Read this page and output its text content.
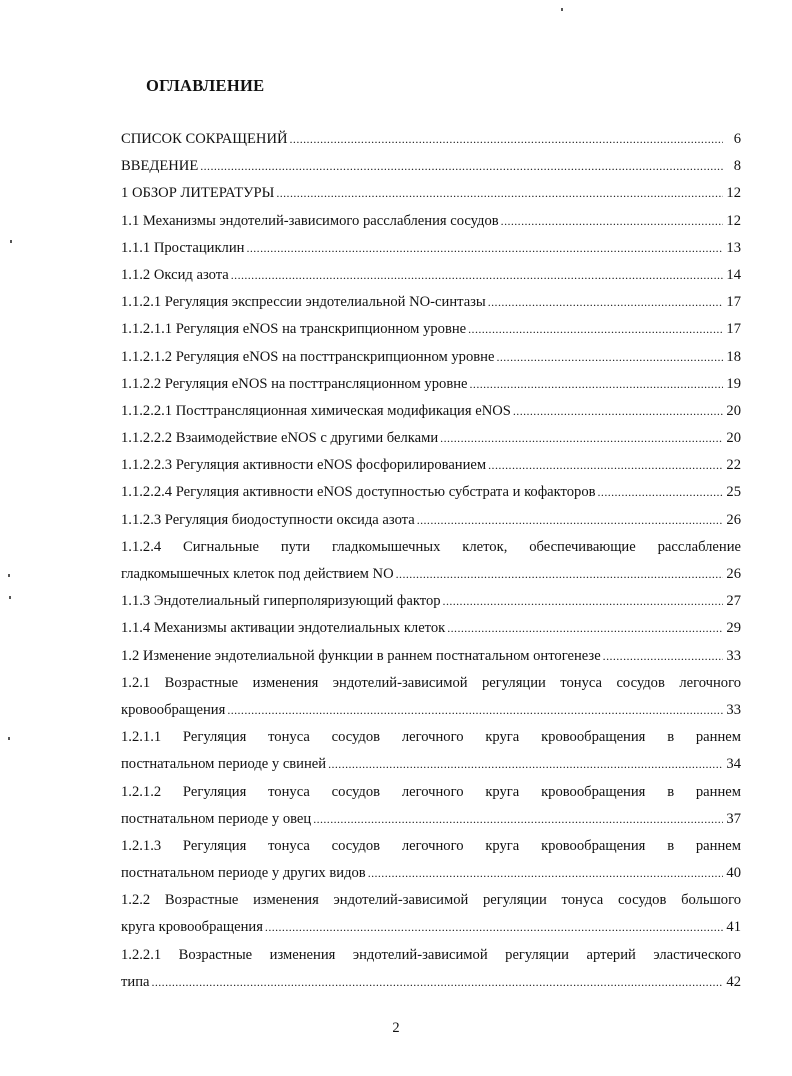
ОГЛАВЛЕНИЕ
СПИСОК СОКРАЩЕНИЙ .....	6
ВВЕДЕНИЕ .....	8
1 ОБЗОР ЛИТЕРАТУРЫ .....	12
1.1 Механизмы эндотелий-зависимого расслабления сосудов .....	12
1.1.1 Простациклин .....	13
1.1.2 Оксид азота .....	14
1.1.2.1 Регуляция экспрессии эндотелиальной NO-синтазы .....	17
1.1.2.1.1 Регуляция eNOS на транскрипционном уровне .....	17
1.1.2.1.2 Регуляция eNOS на посттранскрипционном уровне .....	18
1.1.2.2 Регуляция eNOS на посттрансляционном уровне .....	19
1.1.2.2.1 Посттрансляционная химическая модификация eNOS .....	20
1.1.2.2.2 Взаимодействие eNOS с другими белками .....	20
1.1.2.2.3 Регуляция активности eNOS фосфорилированием .....	22
1.1.2.2.4 Регуляция активности eNOS доступностью субстрата и кофакторов .....	25
1.1.2.3 Регуляция биодоступности оксида азота .....	26
1.1.2.4 Сигнальные пути гладкомышечных клеток, обеспечивающие расслабление
гладкомышечных клеток под действием NO .....	26
1.1.3 Эндотелиальный гиперполяризующий фактор .....	27
1.1.4 Механизмы активации эндотелиальных клеток .....	29
1.2 Изменение эндотелиальной функции в раннем постнатальном онтогенезе .....	33
1.2.1 Возрастные изменения эндотелий-зависимой регуляции тонуса сосудов легочного
кровообращения .....	33
1.2.1.1 Регуляция тонуса сосудов легочного круга кровообращения в раннем
постнатальном периоде у свиней .....	34
1.2.1.2 Регуляция тонуса сосудов легочного круга кровообращения в раннем
постнатальном периоде у овец .....	37
1.2.1.3 Регуляция тонуса сосудов легочного круга кровообращения в раннем
постнатальном периоде у других видов .....	40
1.2.2 Возрастные изменения эндотелий-зависимой регуляции тонуса сосудов большого
круга кровообращения .....	41
1.2.2.1 Возрастные изменения эндотелий-зависимой регуляции артерий эластического
типа .....	42
2
